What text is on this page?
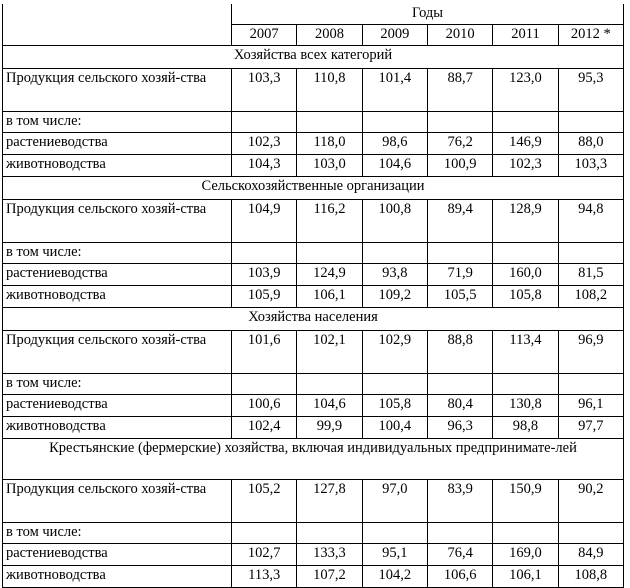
	Годы					
	2007	2008	2009	2010	2011	2012 *
Хозяйства всех категорий						
Продукция сельского хозяй-ства	103,3	110,8	101,4	88,7	123,0	95,3
в том числе:						
растениеводства	102,3	118,0	98,6	76,2	146,9	88,0
животноводства	104,3	103,0	104,6	100,9	102,3	103,3
Сельскохозяйственные организации						
Продукция сельского хозяй-ства	104,9	116,2	100,8	89,4	128,9	94,8
в том числе:						
растениеводства	103,9	124,9	93,8	71,9	160,0	81,5
животноводства	105,9	106,1	109,2	105,5	105,8	108,2
Хозяйства населения						
Продукция сельского хозяй-ства	101,6	102,1	102,9	88,8	113,4	96,9
в том числе:						
растениеводства	100,6	104,6	105,8	80,4	130,8	96,1
животноводства	102,4	99,9	100,4	96,3	98,8	97,7
Крестьянские (фермерские) хозяйства, включая индивидуальных предпринимате-лей						
Продукция сельского хозяй-ства	105,2	127,8	97,0	83,9	150,9	90,2
в том числе:						
растениеводства	102,7	133,3	95,1	76,4	169,0	84,9
животноводства	113,3	107,2	104,2	106,6	106,1	108,8
